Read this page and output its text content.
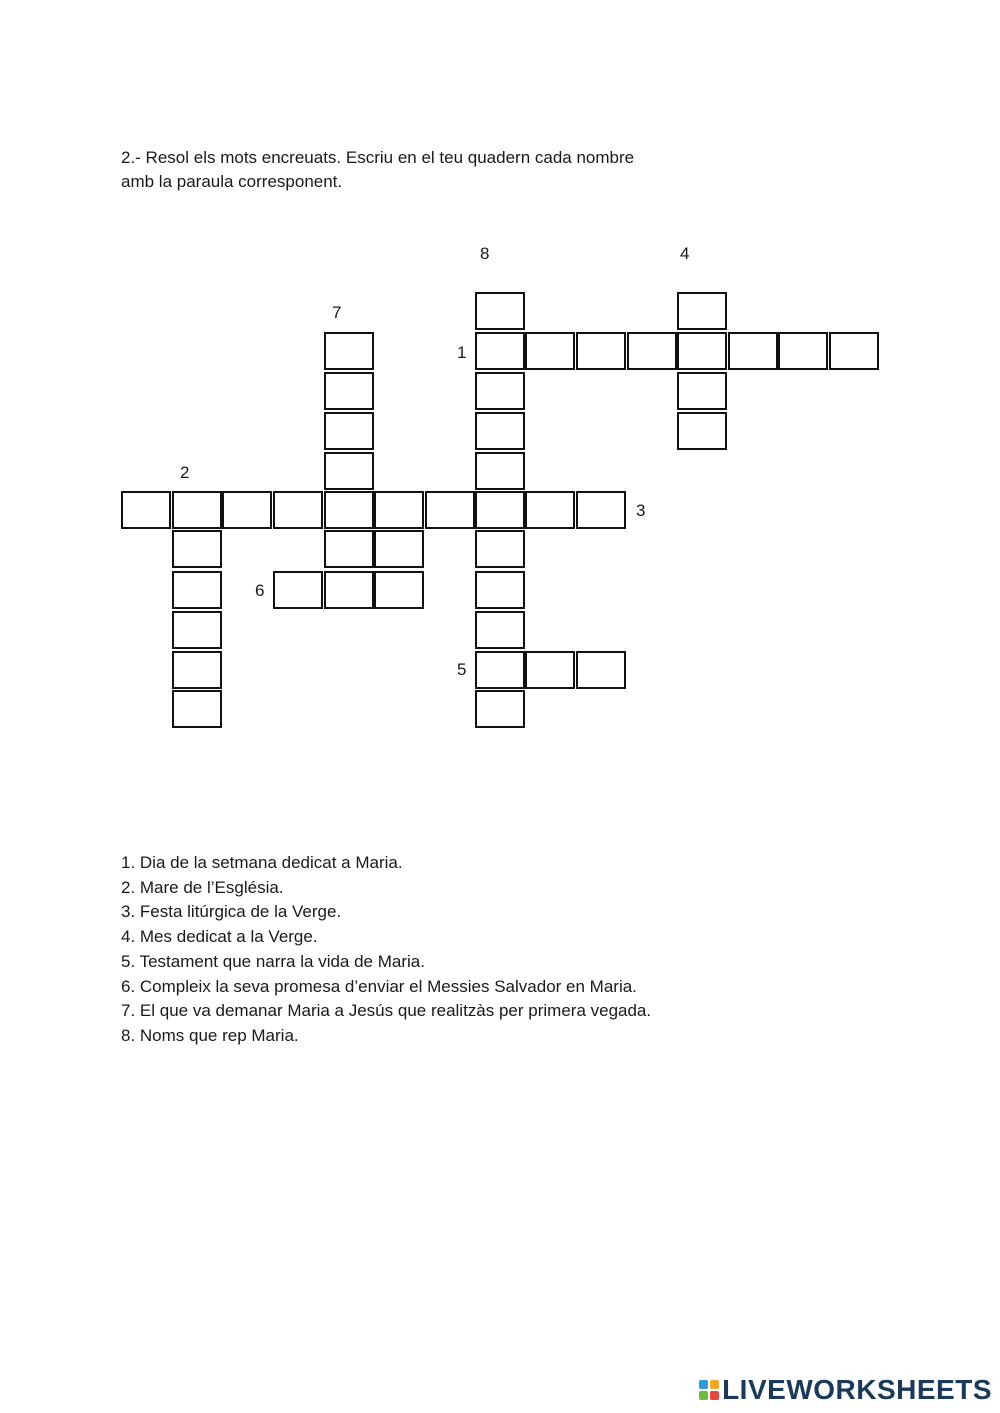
2.- Resol els mots encreuats. Escriu en el teu quadern cada nombre
amb la paraula corresponent.
8	4
7
1
2
3
6
5
1. Dia de la setmana dedicat a Maria.
2. Mare de l’Església.
3. Festa litúrgica de la Verge.
4. Mes dedicat a la Verge.
5. Testament que narra la vida de Maria.
6. Compleix la seva promesa d’enviar el Messies Salvador en Maria.
7. El que va demanar Maria a Jesús que realitzàs per primera vegada.
8. Noms que rep Maria.
LIVEWORKSHEETS
